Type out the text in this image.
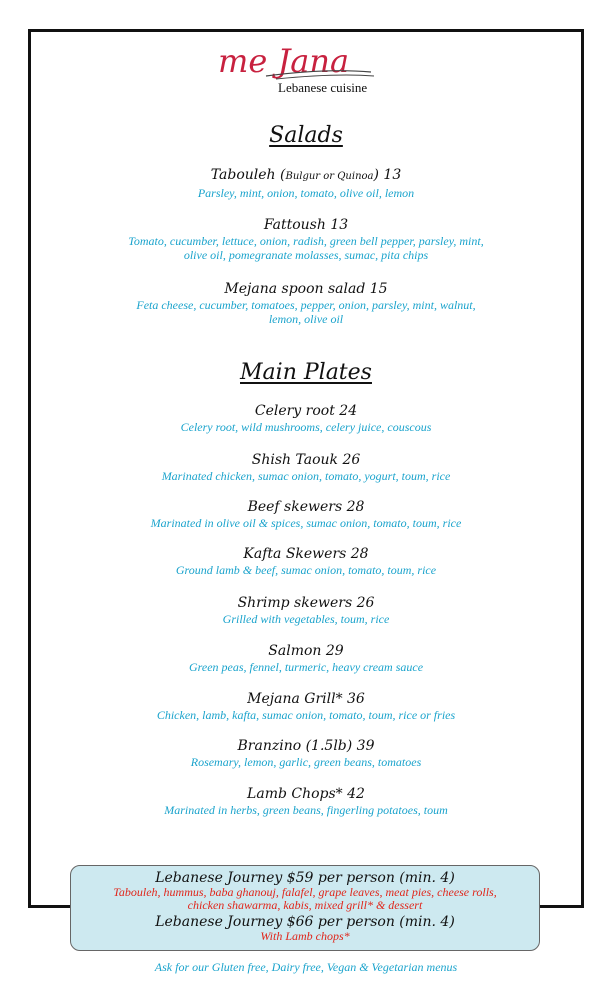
me Jana
Lebanese cuisine
Salads
Tabouleh (Bulgur or Quinoa) 13
Parsley, mint, onion, tomato, olive oil, lemon
Fattoush 13
Tomato, cucumber, lettuce, onion, radish, green bell pepper, parsley, mint, olive oil, pomegranate molasses, sumac, pita chips
Mejana spoon salad 15
Feta cheese, cucumber, tomatoes, pepper, onion, parsley, mint, walnut, lemon, olive oil
Main Plates
Celery root 24
Celery root, wild mushrooms, celery juice, couscous
Shish Taouk 26
Marinated chicken, sumac onion, tomato, yogurt, toum, rice
Beef skewers 28
Marinated in olive oil & spices, sumac onion, tomato, toum, rice
Kafta Skewers 28
Ground lamb & beef, sumac onion, tomato, toum, rice
Shrimp skewers 26
Grilled with vegetables, toum, rice
Salmon 29
Green peas, fennel, turmeric, heavy cream sauce
Mejana Grill* 36
Chicken, lamb, kafta, sumac onion, tomato, toum, rice or fries
Branzino (1.5lb) 39
Rosemary, lemon, garlic, green beans, tomatoes
Lamb Chops* 42
Marinated in herbs, green beans, fingerling potatoes, toum
Lebanese Journey $59 per person (min. 4)
Tabouleh, hummus, baba ghanouj, falafel, grape leaves, meat pies, cheese rolls, chicken shawarma, kabis, mixed grill* & dessert
Lebanese Journey $66 per person (min. 4)
With Lamb chops*
Ask for our Gluten free, Dairy free, Vegan & Vegetarian menus
